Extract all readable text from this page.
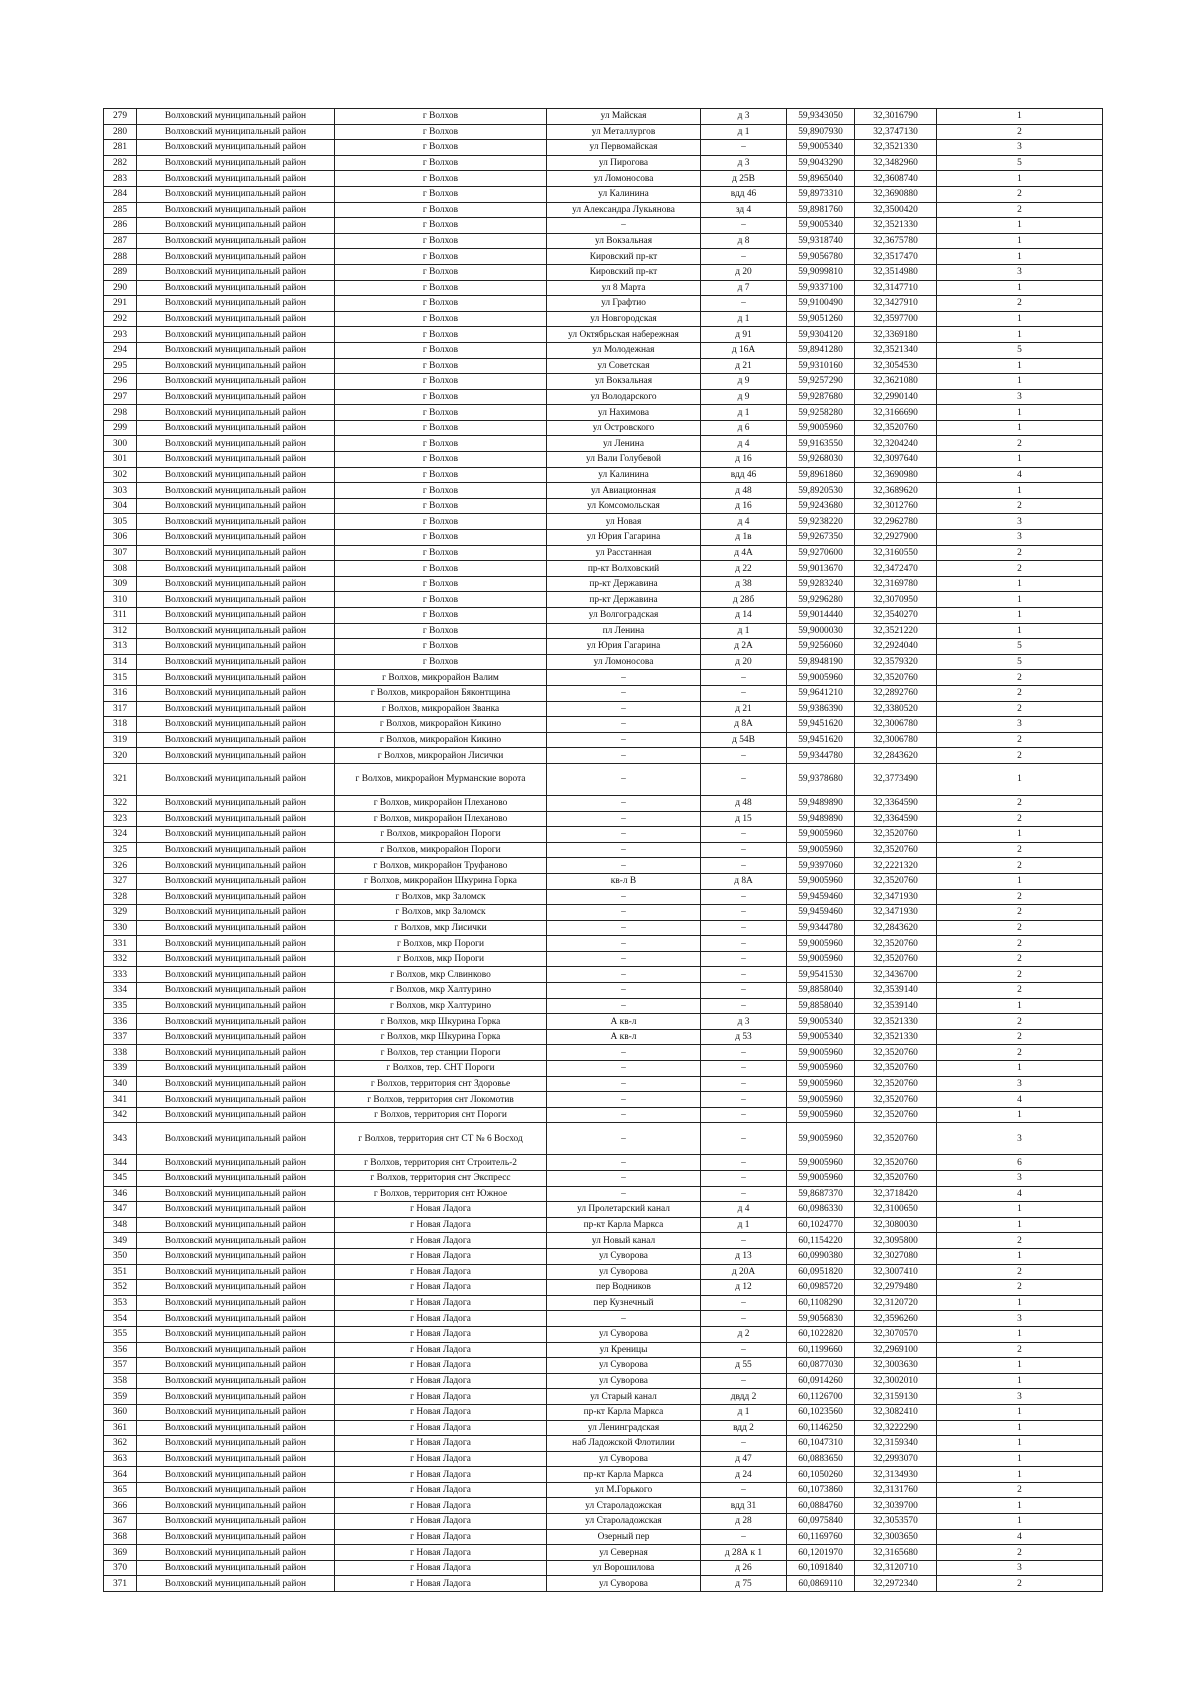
279	Волховский муниципальный район	г Волхов	ул Майская	д 3	59,9343050	32,3016790	1
280	Волховский муниципальный район	г Волхов	ул Металлургов	д 1	59,8907930	32,3747130	2
281	Волховский муниципальный район	г Волхов	ул Первомайская	–	59,9005340	32,3521330	3
282	Волховский муниципальный район	г Волхов	ул Пирогова	д 3	59,9043290	32,3482960	5
283	Волховский муниципальный район	г Волхов	ул Ломоносова	д 25В	59,8965040	32,3608740	1
284	Волховский муниципальный район	г Волхов	ул Калинина	вдд 46	59,8973310	32,3690880	2
285	Волховский муниципальный район	г Волхов	ул Александра Лукьянова	зд 4	59,8981760	32,3500420	2
286	Волховский муниципальный район	г Волхов	–	–	59,9005340	32,3521330	1
287	Волховский муниципальный район	г Волхов	ул Вокзальная	д 8	59,9318740	32,3675780	1
288	Волховский муниципальный район	г Волхов	Кировский пр-кт	–	59,9056780	32,3517470	1
289	Волховский муниципальный район	г Волхов	Кировский пр-кт	д 20	59,9099810	32,3514980	3
290	Волховский муниципальный район	г Волхов	ул 8 Марта	д 7	59,9337100	32,3147710	1
291	Волховский муниципальный район	г Волхов	ул Графтио	–	59,9100490	32,3427910	2
292	Волховский муниципальный район	г Волхов	ул Новгородская	д 1	59,9051260	32,3597700	1
293	Волховский муниципальный район	г Волхов	ул Октябрьская набережная	д 91	59,9304120	32,3369180	1
294	Волховский муниципальный район	г Волхов	ул Молодежная	д 16А	59,8941280	32,3521340	5
295	Волховский муниципальный район	г Волхов	ул Советская	д 21	59,9310160	32,3054530	1
296	Волховский муниципальный район	г Волхов	ул Вокзальная	д 9	59,9257290	32,3621080	1
297	Волховский муниципальный район	г Волхов	ул Володарского	д 9	59,9287680	32,2990140	3
298	Волховский муниципальный район	г Волхов	ул Нахимова	д 1	59,9258280	32,3166690	1
299	Волховский муниципальный район	г Волхов	ул Островского	д 6	59,9005960	32,3520760	1
300	Волховский муниципальный район	г Волхов	ул Ленина	д 4	59,9163550	32,3204240	2
301	Волховский муниципальный район	г Волхов	ул Вали Голубевой	д 16	59,9268030	32,3097640	1
302	Волховский муниципальный район	г Волхов	ул Калинина	вдд 46	59,8961860	32,3690980	4
303	Волховский муниципальный район	г Волхов	ул Авиационная	д 48	59,8920530	32,3689620	1
304	Волховский муниципальный район	г Волхов	ул Комсомольская	д 16	59,9243680	32,3012760	2
305	Волховский муниципальный район	г Волхов	ул Новая	д 4	59,9238220	32,2962780	3
306	Волховский муниципальный район	г Волхов	ул Юрия Гагарина	д 1в	59,9267350	32,2927900	3
307	Волховский муниципальный район	г Волхов	ул Расстанная	д 4А	59,9270600	32,3160550	2
308	Волховский муниципальный район	г Волхов	пр-кт Волховский	д 22	59,9013670	32,3472470	2
309	Волховский муниципальный район	г Волхов	пр-кт Державина	д 38	59,9283240	32,3169780	1
310	Волховский муниципальный район	г Волхов	пр-кт Державина	д 28б	59,9296280	32,3070950	1
311	Волховский муниципальный район	г Волхов	ул Волгоградская	д 14	59,9014440	32,3540270	1
312	Волховский муниципальный район	г Волхов	пл Ленина	д 1	59,9000030	32,3521220	1
313	Волховский муниципальный район	г Волхов	ул Юрия Гагарина	д 2А	59,9256060	32,2924040	5
314	Волховский муниципальный район	г Волхов	ул Ломоносова	д 20	59,8948190	32,3579320	5
315	Волховский муниципальный район	г Волхов, микрорайон Валим	–	–	59,9005960	32,3520760	2
316	Волховский муниципальный район	г Волхов, микрорайон Бяконтщина	–	–	59,9641210	32,2892760	2
317	Волховский муниципальный район	г Волхов, микрорайон Званка	–	д 21	59,9386390	32,3380520	2
318	Волховский муниципальный район	г Волхов, микрорайон Кикино	–	д 8А	59,9451620	32,3006780	3
319	Волховский муниципальный район	г Волхов, микрорайон Кикино	–	д 54В	59,9451620	32,3006780	2
320	Волховский муниципальный район	г Волхов, микрорайон Лисички	–	–	59,9344780	32,2843620	2
321	Волховский муниципальный район	г Волхов, микрорайон Мурманские ворота	–	–	59,9378680	32,3773490	1
322	Волховский муниципальный район	г Волхов, микрорайон Плеханово	–	д 48	59,9489890	32,3364590	2
323	Волховский муниципальный район	г Волхов, микрорайон Плеханово	–	д 15	59,9489890	32,3364590	2
324	Волховский муниципальный район	г Волхов, микрорайон Пороги	–	–	59,9005960	32,3520760	1
325	Волховский муниципальный район	г Волхов, микрорайон Пороги	–	–	59,9005960	32,3520760	2
326	Волховский муниципальный район	г Волхов, микрорайон Труфаново	–	–	59,9397060	32,2221320	2
327	Волховский муниципальный район	г Волхов, микрорайон Шкурина Горка	кв-л В	д 8А	59,9005960	32,3520760	1
328	Волховский муниципальный район	г Волхов, мкр Заломск	–	–	59,9459460	32,3471930	2
329	Волховский муниципальный район	г Волхов, мкр Заломск	–	–	59,9459460	32,3471930	2
330	Волховский муниципальный район	г Волхов, мкр Лисички	–	–	59,9344780	32,2843620	2
331	Волховский муниципальный район	г Волхов, мкр Пороги	–	–	59,9005960	32,3520760	2
332	Волховский муниципальный район	г Волхов, мкр Пороги	–	–	59,9005960	32,3520760	2
333	Волховский муниципальный район	г Волхов, мкр Слвинково	–	–	59,9541530	32,3436700	2
334	Волховский муниципальный район	г Волхов, мкр Халтурино	–	–	59,8858040	32,3539140	2
335	Волховский муниципальный район	г Волхов, мкр Халтурино	–	–	59,8858040	32,3539140	1
336	Волховский муниципальный район	г Волхов, мкр Шкурина Горка	А кв-л	д 3	59,9005340	32,3521330	2
337	Волховский муниципальный район	г Волхов, мкр Шкурина Горка	А кв-л	д 53	59,9005340	32,3521330	2
338	Волховский муниципальный район	г Волхов, тер станции Пороги	–	–	59,9005960	32,3520760	2
339	Волховский муниципальный район	г Волхов, тер. СНТ Пороги	–	–	59,9005960	32,3520760	1
340	Волховский муниципальный район	г Волхов, территория снт Здоровье	–	–	59,9005960	32,3520760	3
341	Волховский муниципальный район	г Волхов, территория снт Локомотив	–	–	59,9005960	32,3520760	4
342	Волховский муниципальный район	г Волхов, территория снт Пороги	–	–	59,9005960	32,3520760	1
343	Волховский муниципальный район	г Волхов, территория снт СТ № 6 Восход	–	–	59,9005960	32,3520760	3
344	Волховский муниципальный район	г Волхов, территория снт Строитель-2	–	–	59,9005960	32,3520760	6
345	Волховский муниципальный район	г Волхов, территория снт Экспресс	–	–	59,9005960	32,3520760	3
346	Волховский муниципальный район	г Волхов, территория снт Южное	–	–	59,8687370	32,3718420	4
347	Волховский муниципальный район	г Новая Ладога	ул Пролетарский канал	д 4	60,0986330	32,3100650	1
348	Волховский муниципальный район	г Новая Ладога	пр-кт Карла Маркса	д 1	60,1024770	32,3080030	1
349	Волховский муниципальный район	г Новая Ладога	ул Новый канал	–	60,1154220	32,3095800	2
350	Волховский муниципальный район	г Новая Ладога	ул Суворова	д 13	60,0990380	32,3027080	1
351	Волховский муниципальный район	г Новая Ладога	ул Суворова	д 20А	60,0951820	32,3007410	2
352	Волховский муниципальный район	г Новая Ладога	пер Водников	д 12	60,0985720	32,2979480	2
353	Волховский муниципальный район	г Новая Ладога	пер Кузнечный	–	60,1108290	32,3120720	1
354	Волховский муниципальный район	г Новая Ладога	–	–	59,9056830	32,3596260	3
355	Волховский муниципальный район	г Новая Ладога	ул Суворова	д 2	60,1022820	32,3070570	1
356	Волховский муниципальный район	г Новая Ладога	ул Креницы	–	60,1199660	32,2969100	2
357	Волховский муниципальный район	г Новая Ладога	ул Суворова	д 55	60,0877030	32,3003630	1
358	Волховский муниципальный район	г Новая Ладога	ул Суворова	–	60,0914260	32,3002010	1
359	Волховский муниципальный район	г Новая Ладога	ул Старый канал	двдд 2	60,1126700	32,3159130	3
360	Волховский муниципальный район	г Новая Ладога	пр-кт Карла Маркса	д 1	60,1023560	32,3082410	1
361	Волховский муниципальный район	г Новая Ладога	ул Ленинградская	вдд 2	60,1146250	32,3222290	1
362	Волховский муниципальный район	г Новая Ладога	наб Ладожской Флотилии	–	60,1047310	32,3159340	1
363	Волховский муниципальный район	г Новая Ладога	ул Суворова	д 47	60,0883650	32,2993070	1
364	Волховский муниципальный район	г Новая Ладога	пр-кт Карла Маркса	д 24	60,1050260	32,3134930	1
365	Волховский муниципальный район	г Новая Ладога	ул М.Горького	–	60,1073860	32,3131760	2
366	Волховский муниципальный район	г Новая Ладога	ул Староладожская	вдд 31	60,0884760	32,3039700	1
367	Волховский муниципальный район	г Новая Ладога	ул Староладожская	д 28	60,0975840	32,3053570	1
368	Волховский муниципальный район	г Новая Ладога	Озерный пер	–	60,1169760	32,3003650	4
369	Волховский муниципальный район	г Новая Ладога	ул Северная	д 28А к 1	60,1201970	32,3165680	2
370	Волховский муниципальный район	г Новая Ладога	ул Ворошилова	д 26	60,1091840	32,3120710	3
371	Волховский муниципальный район	г Новая Ладога	ул Суворова	д 75	60,0869110	32,2972340	2
